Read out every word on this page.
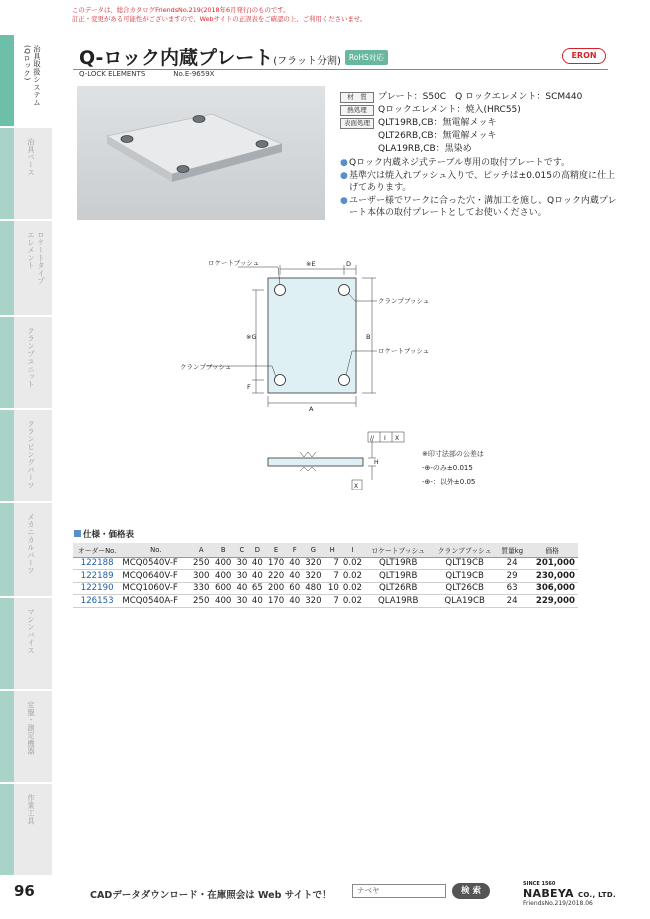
このデータは、総合カタログFriendsNo.219(2018年6月発行)のものです。
訂正・変更がある可能性がございますので、Webサイトの正誤表をご確認の上、ご利用くださいませ。
治具取扱システム
(Qロック)
治具ベース
ロケートタイプ
エレメント
クランプユニット
クランピングパーツ
メカニカルパーツ
マシンバイス
定盤・測定機器
作業工具
Q-ロック内蔵プレート(フラット分割) RoHS対応	ERON
Q-LOCK ELEMENTS	No.E-9659X
材　質	プレート：S50C　Q ロックエレメント：SCM440
熱処理	Qロックエレメント：焼入(HRC55)
表面処理 QLT19RB,CB：無電解メッキ
QLT26RB,CB：無電解メッキ
QLA19RB,CB：黒染め
● Qロック内蔵ネジ式テーブル専用の取付プレートです。
● 基準穴は焼入れブッシュ入りで、ピッチは±0.015の高精度に仕上げてあります。
● ユーザー様でワークに合った穴・溝加工を施し、Qロック内蔵プレート本体の取付プレートとしてお使いください。
ロケートブッシュ
クランプブッシュ
ロケートブッシュ
クランプブッシュ
※E	D
※G
F
B
A
// I X
X
H
※印寸法部の公差は
-⊕-のみ±0.015
-⊕-：以外±0.05
仕様・価格表
オーダーNo.	No.	A	B	C	D	E	F	G	H	I	ロケートブッシュ	クランプブッシュ	質量kg	価格
122188	MCQ0540V-F	250	400	30	40	170	40	320	7	0.02	QLT19RB	QLT19CB	24	201,000
122189	MCQ0640V-F	300	400	30	40	220	40	320	7	0.02	QLT19RB	QLT19CB	29	230,000
122190	MCQ1060V-F	330	600	40	65	200	60	480	10	0.02	QLT26RB	QLT26CB	63	306,000
126153	MCQ0540A-F	250	400	30	40	170	40	320	7	0.02	QLA19RB	QLA19CB	24	229,000
96	CADデータダウンロード・在庫照会は Web サイトで！	ナベヤ	検 索
SINCE 1560
NABEYA CO., LTD.
FriendsNo.219/2018.06
